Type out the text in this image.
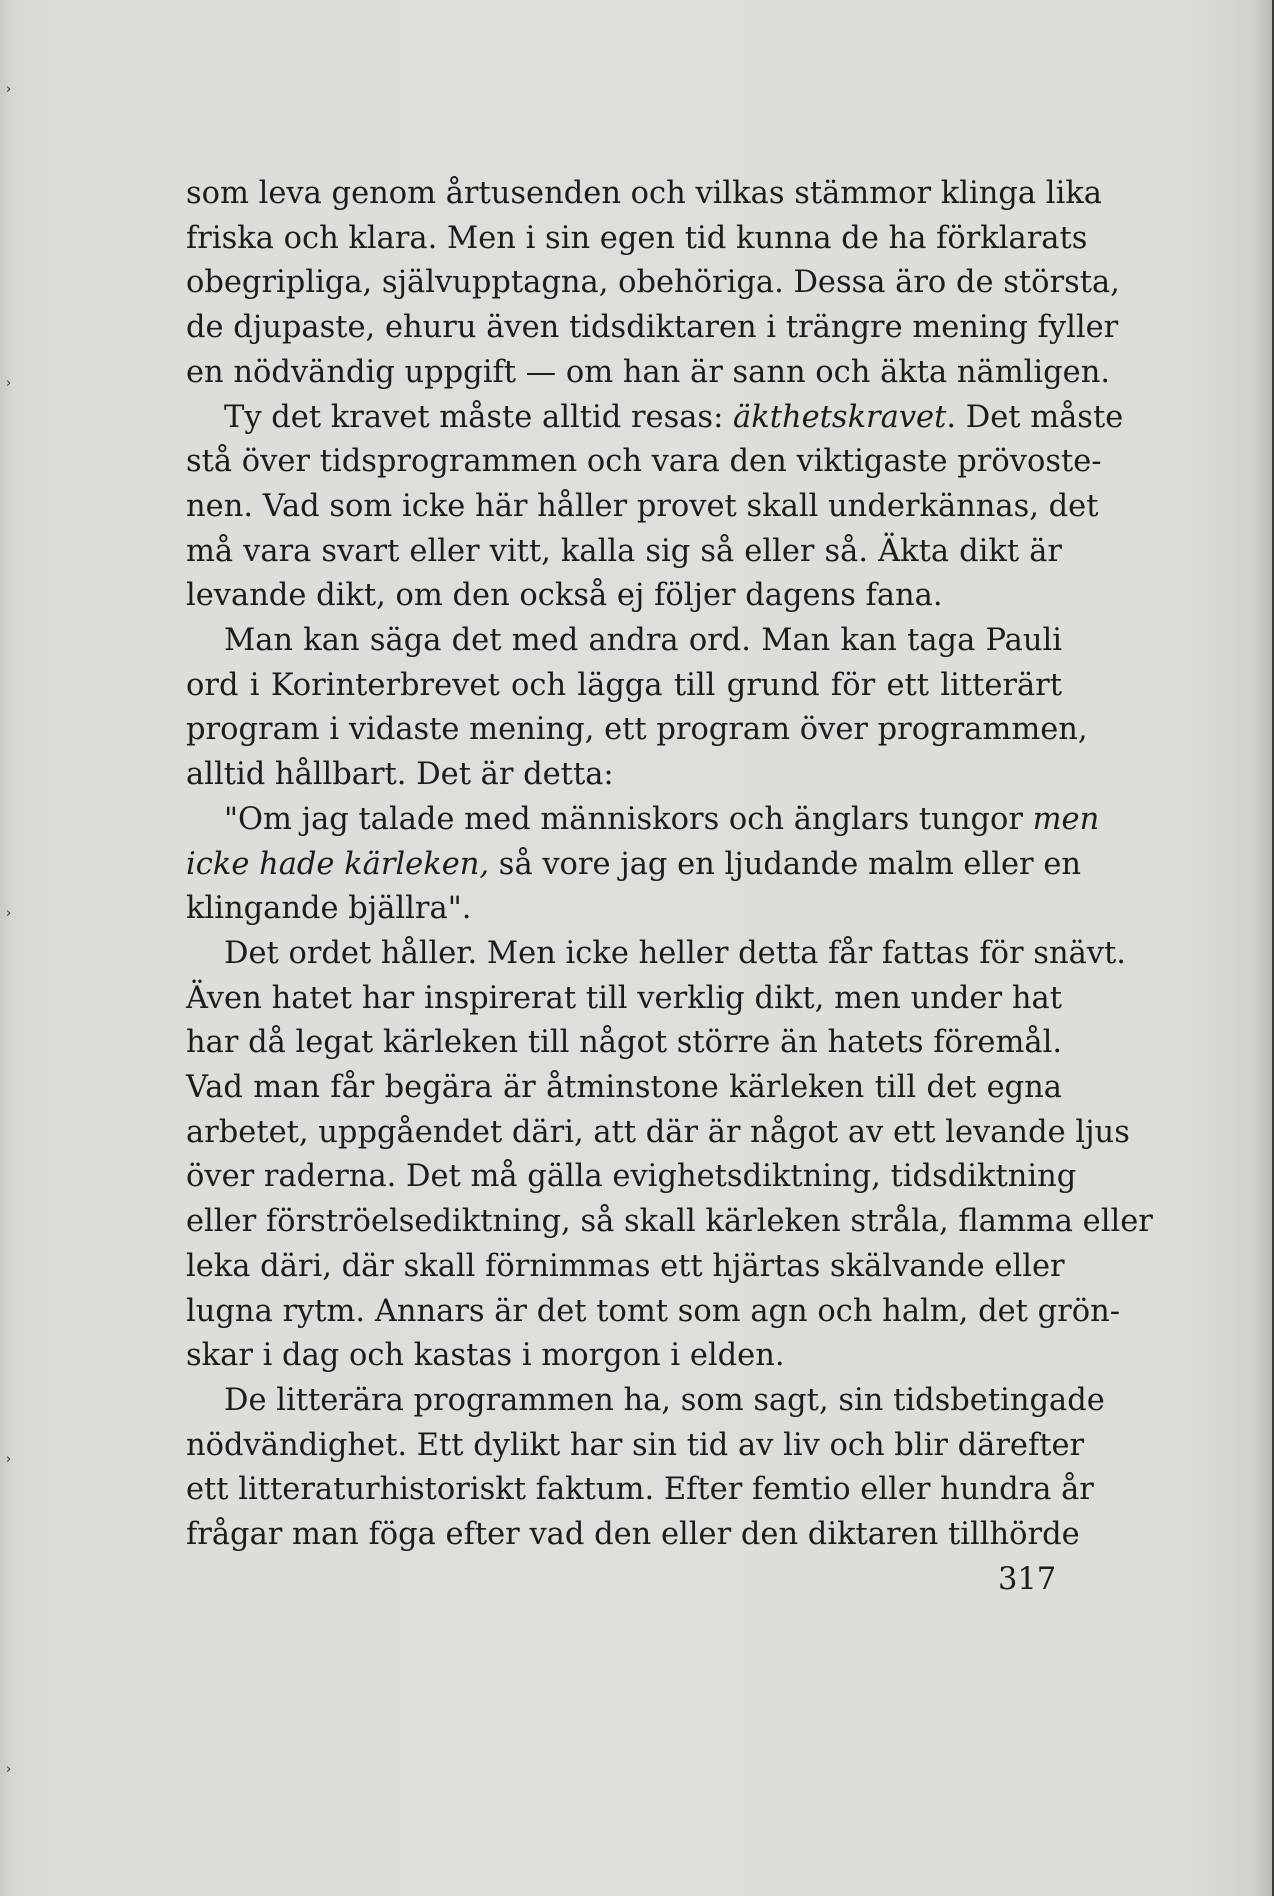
›
›
›
›
›
som leva genom årtusenden och vilkas stämmor klinga lika
friska och klara. Men i sin egen tid kunna de ha förklarats
obegripliga, självupptagna, obehöriga. Dessa äro de största,
de djupaste, ehuru även tidsdiktaren i trängre mening fyller
en nödvändig uppgift — om han är sann och äkta nämligen.
Ty det kravet måste alltid resas: äkthetskravet. Det måste
stå över tidsprogrammen och vara den viktigaste prövoste-
nen. Vad som icke här håller provet skall underkännas, det
må vara svart eller vitt, kalla sig så eller så. Äkta dikt är
levande dikt, om den också ej följer dagens fana.
Man kan säga det med andra ord. Man kan taga Pauli
ord i Korinterbrevet och lägga till grund för ett litterärt
program i vidaste mening, ett program över programmen,
alltid hållbart. Det är detta:
"Om jag talade med människors och änglars tungor men
icke hade kärleken, så vore jag en ljudande malm eller en
klingande bjällra".
Det ordet håller. Men icke heller detta får fattas för snävt.
Även hatet har inspirerat till verklig dikt, men under hat
har då legat kärleken till något större än hatets föremål.
Vad man får begära är åtminstone kärleken till det egna
arbetet, uppgåendet däri, att där är något av ett levande ljus
över raderna. Det må gälla evighetsdiktning, tidsdiktning
eller förströelsediktning, så skall kärleken stråla, flamma eller
leka däri, där skall förnimmas ett hjärtas skälvande eller
lugna rytm. Annars är det tomt som agn och halm, det grön-
skar i dag och kastas i morgon i elden.
De litterära programmen ha, som sagt, sin tidsbetingade
nödvändighet. Ett dylikt har sin tid av liv och blir därefter
ett litteraturhistoriskt faktum. Efter femtio eller hundra år
frågar man föga efter vad den eller den diktaren tillhörde
317
